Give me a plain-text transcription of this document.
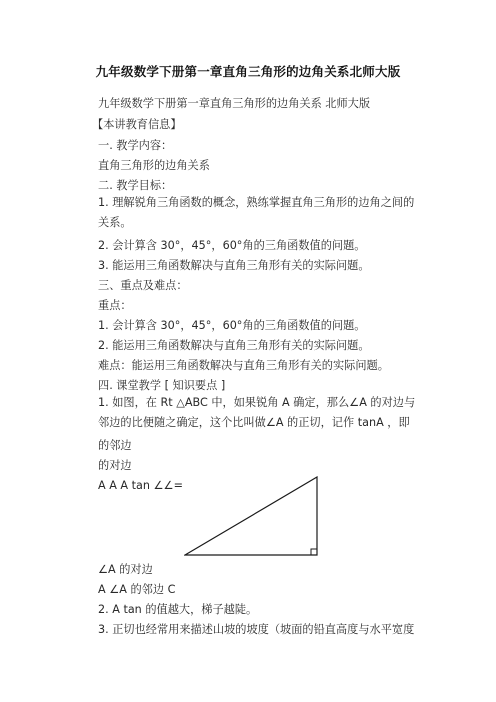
九年级数学下册第一章直角三角形的边角关系北师大版
九年级数学下册第一章直角三角形的边角关系 北师大版
【本讲教育信息】
一. 教学内容：
直角三角形的边角关系
二. 教学目标：
1. 理解锐角三角函数的概念，熟练掌握直角三角形的边角之间的关系。
2. 会计算含 30°，45°，60°角的三角函数值的问题。
3. 能运用三角函数解决与直角三角形有关的实际问题。
三、重点及难点：
重点：
1. 会计算含 30°，45°，60°角的三角函数值的问题。
2. 能运用三角函数解决与直角三角形有关的实际问题。
难点：能运用三角函数解决与直角三角形有关的实际问题。
四. 课堂教学 [ 知识要点 ]
1. 如图，在 Rt △ABC 中，如果锐角 A 确定，那么∠A 的对边与邻边的比便随之确定，这个比叫做∠A 的正切，记作 tanA ，即
的邻边
的对边
A A A tan ∠∠=
∠A 的对边
A ∠A 的邻边 C
2. A tan 的值越大，梯子越陡。
3. 正切也经常用来描述山坡的坡度（坡面的铅直高度与水平宽度
